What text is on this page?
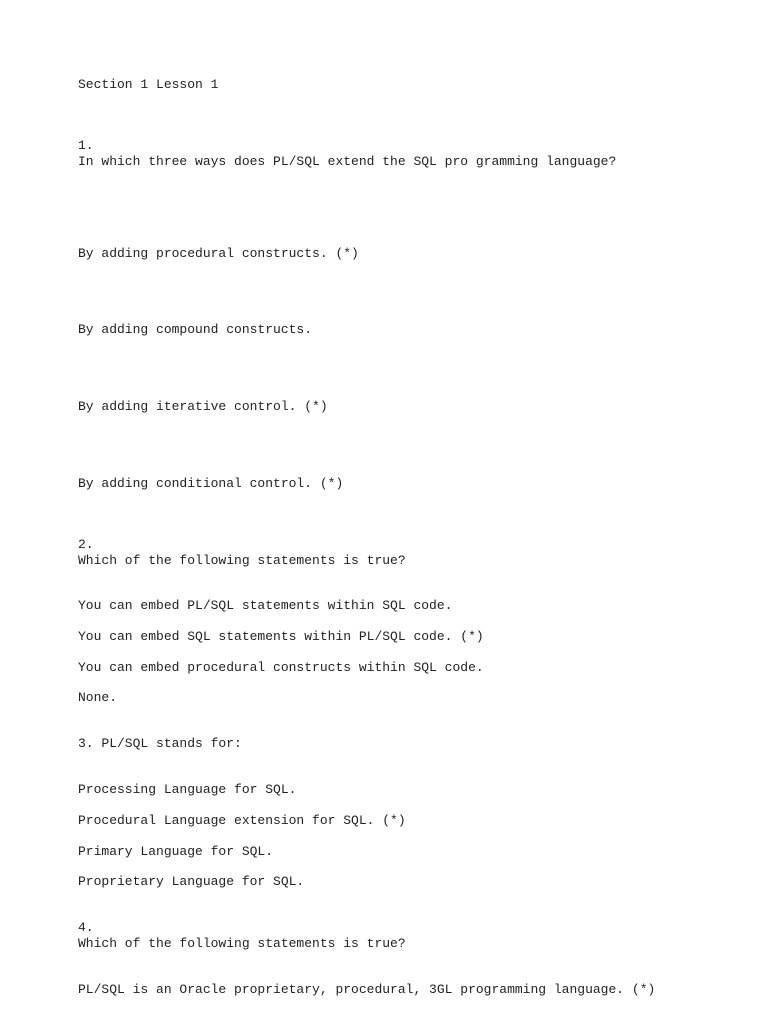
Section 1 Lesson 1

1.

In which three ways does PL/SQL extend the SQL pro gramming language?

By adding procedural constructs. (*)

By adding compound constructs.

By adding iterative control. (*)

By adding conditional control. (*)

2.

Which of the following statements is true?

You can embed PL/SQL statements within SQL code.

You can embed SQL statements within PL/SQL code. (*)

You can embed procedural constructs within SQL code.

None.

3. PL/SQL stands for:

Processing Language for SQL.

Procedural Language extension for SQL. (*)

Primary Language for SQL.

Proprietary Language for SQL.

4.

Which of the following statements is true?

PL/SQL is an Oracle proprietary, procedural, 3GL programming language. (*)
